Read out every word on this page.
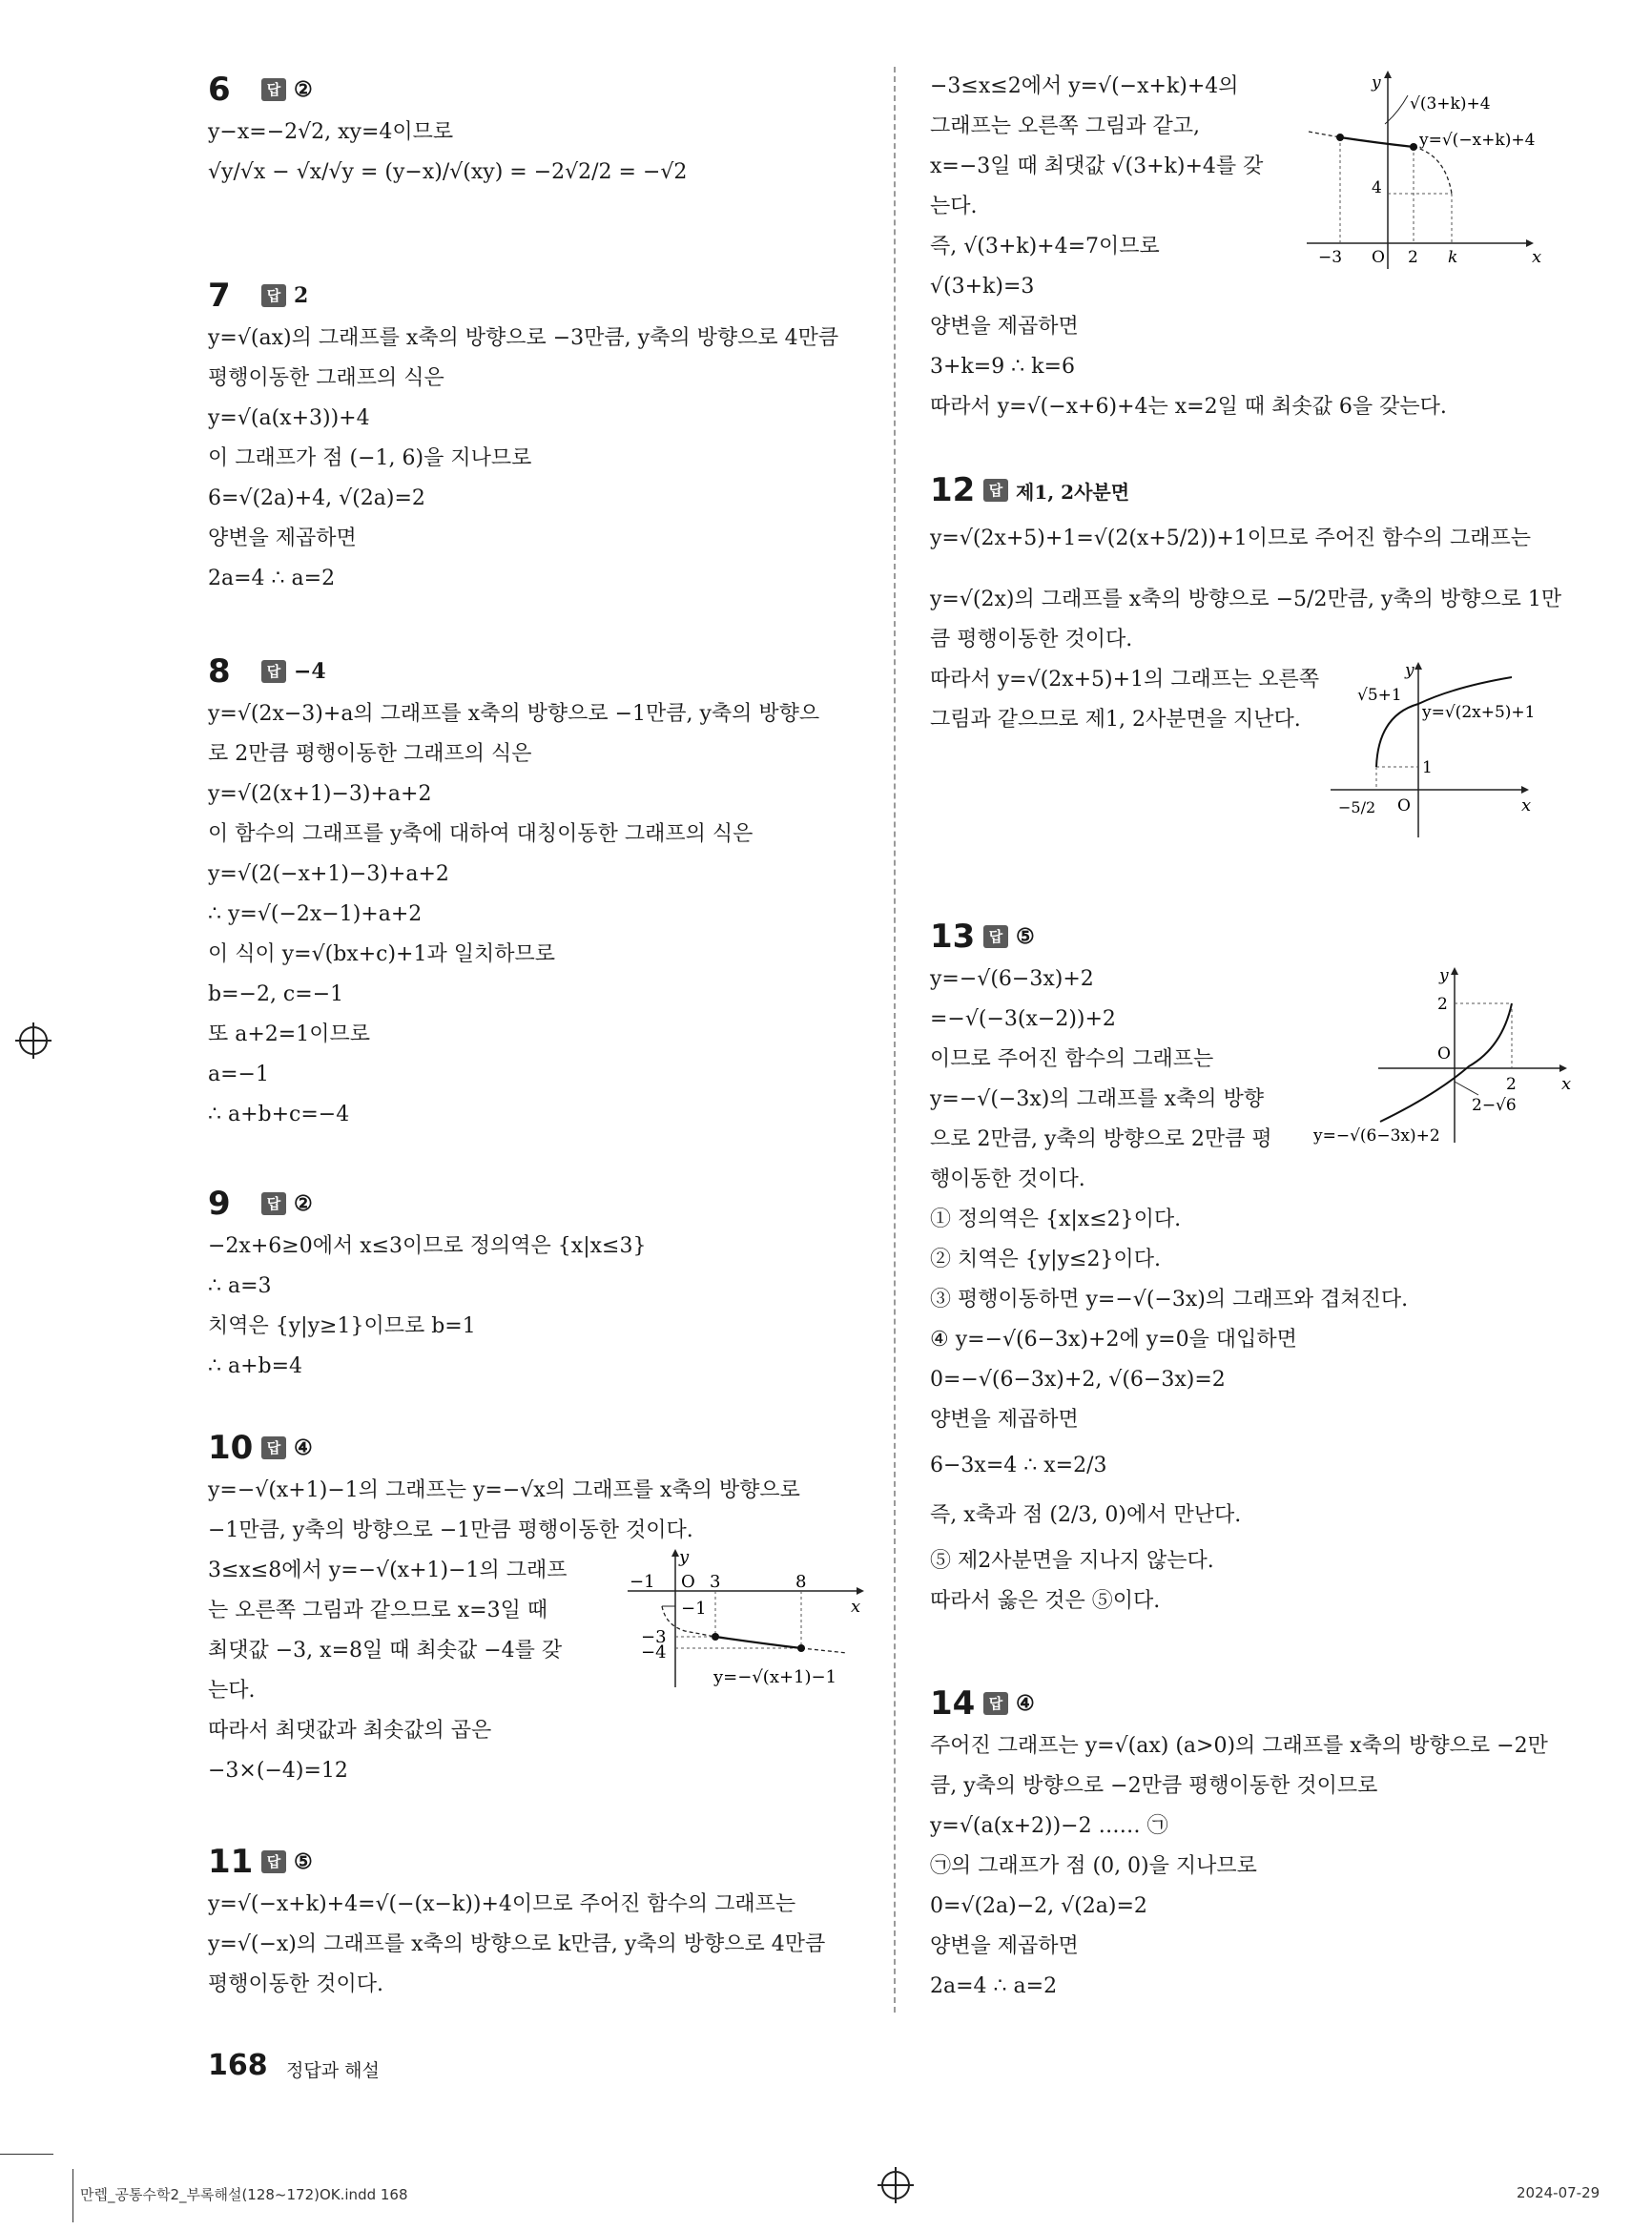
6	답 ②
y−x=−2√2, xy=4이므로
√y/√x − √x/√y = (y−x)/√(xy) = −2√2/2 = −√2
7	답 2
y=√(ax)의 그래프를 x축의 방향으로 −3만큼, y축의 방향으로 4만큼
평행이동한 그래프의 식은
y=√(a(x+3))+4
이 그래프가 점 (−1, 6)을 지나므로
6=√(2a)+4, √(2a)=2
양변을 제곱하면
2a=4 ∴ a=2
8	답 −4
y=√(2x−3)+a의 그래프를 x축의 방향으로 −1만큼, y축의 방향으
로 2만큼 평행이동한 그래프의 식은
y=√(2(x+1)−3)+a+2
이 함수의 그래프를 y축에 대하여 대칭이동한 그래프의 식은
y=√(2(−x+1)−3)+a+2
∴ y=√(−2x−1)+a+2
이 식이 y=√(bx+c)+1과 일치하므로
b=−2, c=−1
또 a+2=1이므로
a=−1
∴ a+b+c=−4
9	답 ②
−2x+6≥0에서 x≤3이므로 정의역은 {x|x≤3}
∴ a=3
치역은 {y|y≥1}이므로 b=1
∴ a+b=4
10 답 ④
y=−√(x+1)−1의 그래프는 y=−√x의 그래프를 x축의 방향으로
−1만큼, y축의 방향으로 −1만큼 평행이동한 것이다.
3≤x≤8에서 y=−√(x+1)−1의 그래프
는 오른쪽 그림과 같으므로 x=3일 때
최댓값 −3, x=8일 때 최솟값 −4를 갖
는다.
따라서 최댓값과 최솟값의 곱은
−3×(−4)=12
y
x
O
−1	3	8
−1
−3
−4
y=−√(x+1)−1
11 답 ⑤
y=√(−x+k)+4=√(−(x−k))+4이므로 주어진 함수의 그래프는
y=√(−x)의 그래프를 x축의 방향으로 k만큼, y축의 방향으로 4만큼
평행이동한 것이다.
−3≤x≤2에서 y=√(−x+k)+4의
그래프는 오른쪽 그림과 같고,
x=−3일 때 최댓값 √(3+k)+4를 갖
는다.
즉, √(3+k)+4=7이므로
√(3+k)=3
양변을 제곱하면
3+k=9 ∴ k=6
따라서 y=√(−x+6)+4는 x=2일 때 최솟값 6을 갖는다.
y
x
√(3+k)+4
y=√(−x+k)+4
4
−3 O 2 k
12 답 제1, 2사분면
y=√(2x+5)+1=√(2(x+5/2))+1이므로 주어진 함수의 그래프는
y=√(2x)의 그래프를 x축의 방향으로 −5/2만큼, y축의 방향으로 1만
큼 평행이동한 것이다.
따라서 y=√(2x+5)+1의 그래프는 오른쪽
그림과 같으므로 제1, 2사분면을 지난다.
y
x
√5+1
y=√(2x+5)+1
1
O
−5/2
13 답 ⑤
y=−√(6−3x)+2
=−√(−3(x−2))+2
이므로 주어진 함수의 그래프는
y=−√(−3x)의 그래프를 x축의 방향
으로 2만큼, y축의 방향으로 2만큼 평
행이동한 것이다.
① 정의역은 {x|x≤2}이다.
② 치역은 {y|y≤2}이다.
③ 평행이동하면 y=−√(−3x)의 그래프와 겹쳐진다.
④ y=−√(6−3x)+2에 y=0을 대입하면
0=−√(6−3x)+2, √(6−3x)=2
양변을 제곱하면
6−3x=4 ∴ x=2/3
즉, x축과 점 (2/3, 0)에서 만난다.
⑤ 제2사분면을 지나지 않는다.
따라서 옳은 것은 ⑤이다.
y
x
2
O
2
2−√6
y=−√(6−3x)+2
14 답 ④
주어진 그래프는 y=√(ax) (a>0)의 그래프를 x축의 방향으로 −2만
큼, y축의 방향으로 −2만큼 평행이동한 것이므로
y=√(a(x+2))−2 …… ㉠
㉠의 그래프가 점 (0, 0)을 지나므로
0=√(2a)−2, √(2a)=2
양변을 제곱하면
2a=4 ∴ a=2
168 정답과 해설
만렙_공통수학2_부록해설(128~172)OK.indd 168	2024-07-29
